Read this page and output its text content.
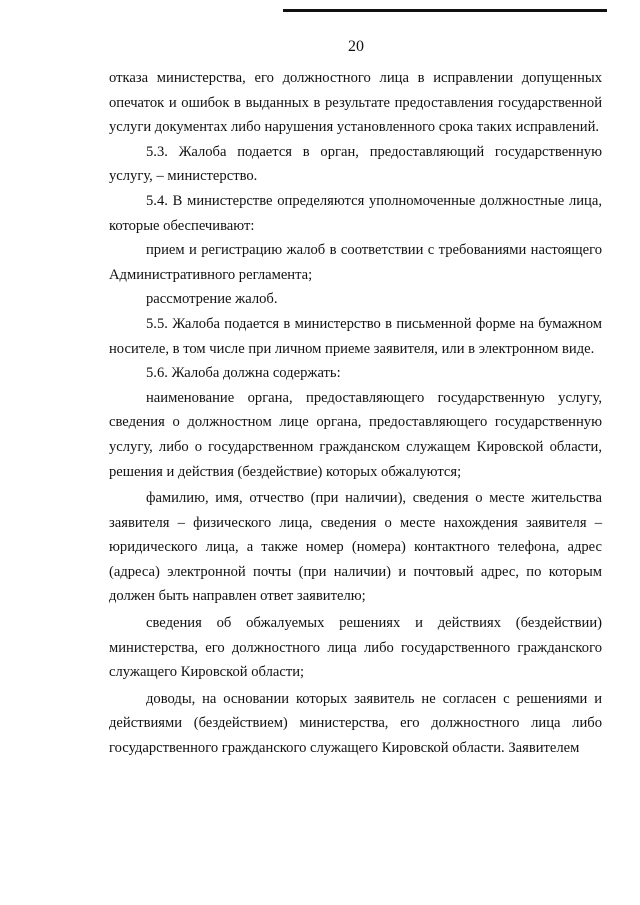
20

отказа министерства, его должностного лица в исправлении допущенных опечаток и ошибок в выданных в результате предоставления государственной услуги документах либо нарушения установленного срока таких исправлений.

5.3. Жалоба подается в орган, предоставляющий государственную услугу, – министерство.

5.4. В министерстве определяются уполномоченные должностные лица, которые обеспечивают:

прием и регистрацию жалоб в соответствии с требованиями настоящего Административного регламента;

рассмотрение жалоб.

5.5. Жалоба подается в министерство в письменной форме на бумажном носителе, в том числе при личном приеме заявителя, или в электронном виде.

5.6. Жалоба должна содержать:

наименование органа, предоставляющего государственную услугу, сведения о должностном лице органа, предоставляющего государственную услугу, либо о государственном гражданском служащем Кировской области, решения и действия (бездействие) которых обжалуются;

фамилию, имя, отчество (при наличии), сведения о месте жительства заявителя – физического лица, сведения о месте нахождения заявителя – юридического лица, а также номер (номера) контактного телефона, адрес (адреса) электронной почты (при наличии) и почтовый адрес, по которым должен быть направлен ответ заявителю;

сведения об обжалуемых решениях и действиях (бездействии) министерства, его должностного лица либо государственного гражданского служащего Кировской области;

доводы, на основании которых заявитель не согласен с решениями и действиями (бездействием) министерства, его должностного лица либо государственного гражданского служащего Кировской области. Заявителем
